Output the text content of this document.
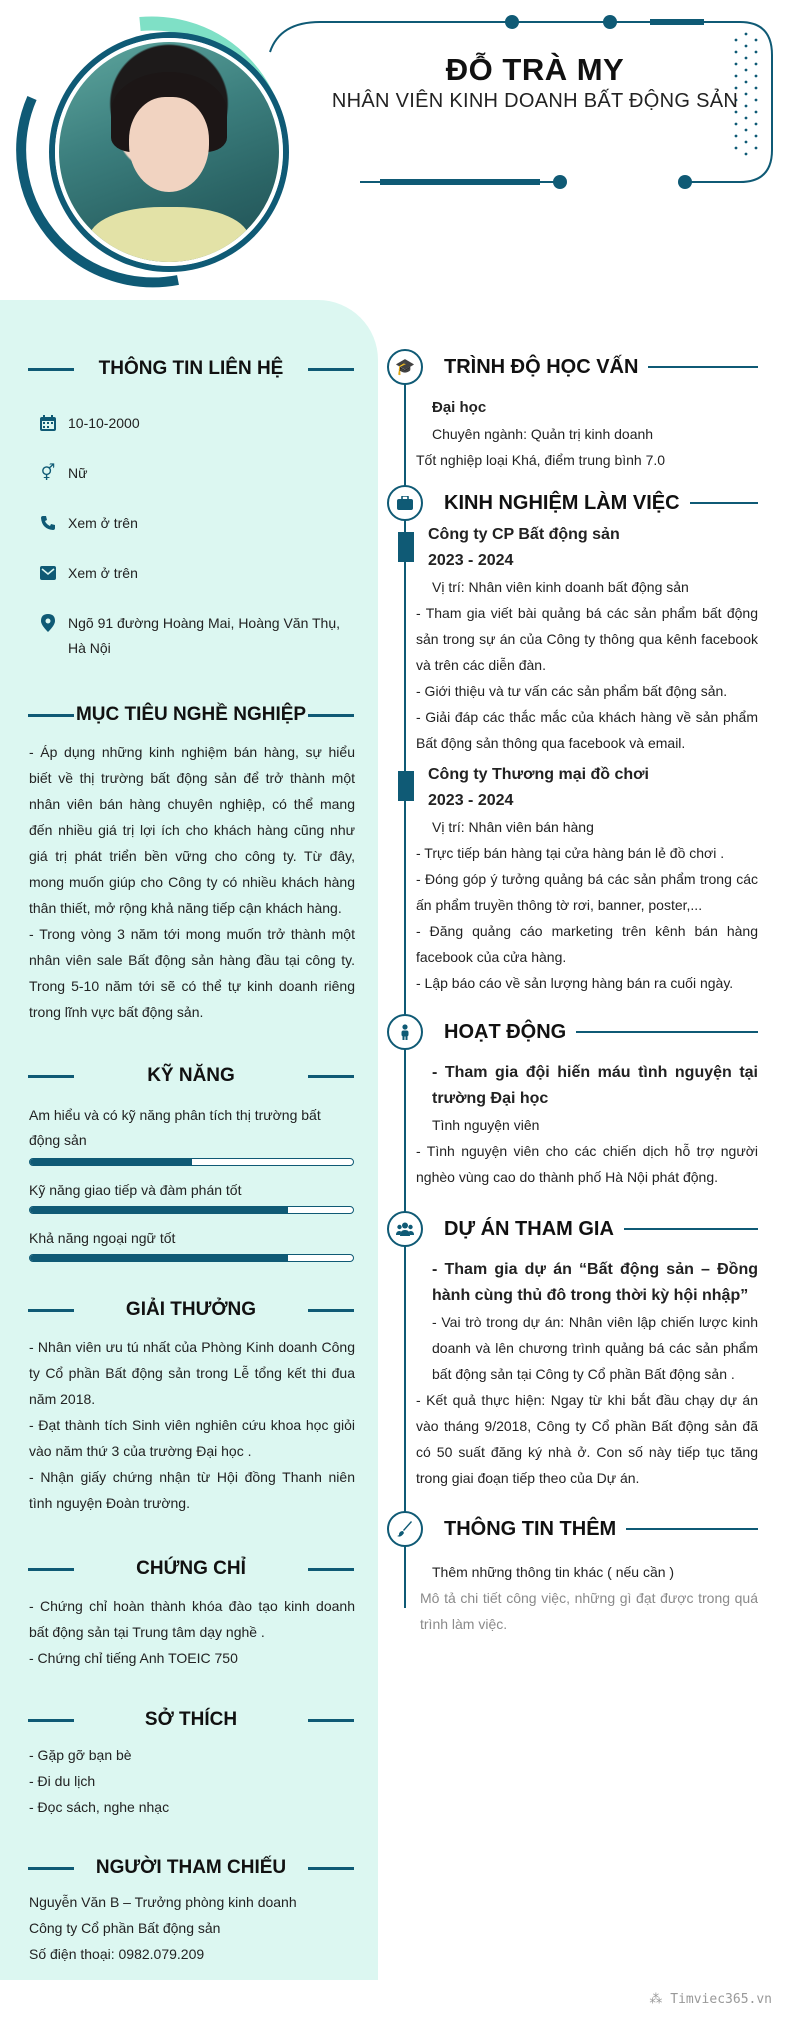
ĐỖ TRÀ MY
NHÂN VIÊN KINH DOANH BẤT ĐỘNG SẢN
THÔNG TIN LIÊN HỆ
10-10-2000
⚥ Nữ
Xem ở trên
Xem ở trên
Ngõ 91 đường Hoàng Mai, Hoàng Văn Thụ,
Hà Nội
MỤC TIÊU NGHỀ NGHIỆP

- Áp dụng những kinh nghiệm bán hàng, sự hiểu biết về thị trường bất động sản để trở thành một nhân viên bán hàng chuyên nghiệp, có thể mang đến nhiều giá trị lợi ích cho khách hàng cũng như giá trị phát triển bền vững cho công ty. Từ đây, mong muốn giúp cho Công ty có nhiều khách hàng thân thiết, mở rộng khả năng tiếp cận khách hàng.

- Trong vòng 3 năm tới mong muốn trở thành một nhân viên sale Bất động sản hàng đầu tại công ty. Trong 5-10 năm tới sẽ có thể tự kinh doanh riêng trong lĩnh vực bất động sản.

KỸ NĂNG
Am hiểu và có kỹ năng phân tích thị trường bất động sản
Kỹ năng giao tiếp và đàm phán tốt
Khả năng ngoại ngữ tốt
GIẢI THƯỞNG

- Nhân viên ưu tú nhất của Phòng Kinh doanh Công ty Cổ phần Bất động sản trong Lễ tổng kết thi đua năm 2018.

- Đạt thành tích Sinh viên nghiên cứu khoa học giỏi vào năm thứ 3 của trường Đại học .

- Nhận giấy chứng nhận từ Hội đồng Thanh niên tình nguyện Đoàn trường.

CHỨNG CHỈ

- Chứng chỉ hoàn thành khóa đào tạo kinh doanh bất động sản tại Trung tâm dạy nghề .

- Chứng chỉ tiếng Anh TOEIC 750

SỞ THÍCH

- Gặp gỡ bạn bè

- Đi du lịch

- Đọc sách, nghe nhạc

NGƯỜI THAM CHIẾU

Nguyễn Văn B – Trưởng phòng kinh doanh

Công ty Cổ phần Bất động sản

Số điện thoại: 0982.079.209

🎓	TRÌNH ĐỘ HỌC VẤN

Đại học

Chuyên ngành: Quản trị kinh doanh

Tốt nghiệp loại Khá, điểm trung bình 7.0

KINH NGHIỆM LÀM VIỆC

Công ty CP Bất động sản

2023 - 2024

Vị trí: Nhân viên kinh doanh bất động sản

- Tham gia viết bài quảng bá các sản phẩm bất động sản trong sự án của Công ty thông qua kênh facebook và trên các diễn đàn.

- Giới thiệu và tư vấn các sản phẩm bất động sản.

- Giải đáp các thắc mắc của khách hàng về sản phẩm Bất động sản thông qua facebook và email.

Công ty Thương mại đồ chơi

2023 - 2024

Vị trí: Nhân viên bán hàng

- Trực tiếp bán hàng tại cửa hàng bán lẻ đồ chơi .

- Đóng góp ý tưởng quảng bá các sản phẩm trong các ấn phẩm truyền thông tờ rơi, banner, poster,...

- Đăng quảng cáo marketing trên kênh bán hàng facebook của cửa hàng.

- Lập báo cáo về sản lượng hàng bán ra cuối ngày.

HOẠT ĐỘNG

- Tham gia đội hiến máu tình nguyện tại trường Đại học

Tình nguyện viên

- Tình nguyện viên cho các chiến dịch hỗ trợ người nghèo vùng cao do thành phố Hà Nội phát động.

DỰ ÁN THAM GIA

- Tham gia dự án “Bất động sản – Đồng hành cùng thủ đô trong thời kỳ hội nhập”

- Vai trò trong dự án: Nhân viên lập chiến lược kinh doanh và lên chương trình quảng bá các sản phẩm bất động sản tại Công ty Cổ phần Bất động sản .

- Kết quả thực hiện: Ngay từ khi bắt đầu chạy dự án vào tháng 9/2018, Công ty Cổ phần Bất động sản đã có 50 suất đăng ký nhà ở. Con số này tiếp tục tăng trong giai đoạn tiếp theo của Dự án.

THÔNG TIN THÊM

Thêm những thông tin khác ( nếu cần )

Mô tả chi tiết công việc, những gì đạt được trong quá trình làm việc.

⁂ Timviec365.vn
